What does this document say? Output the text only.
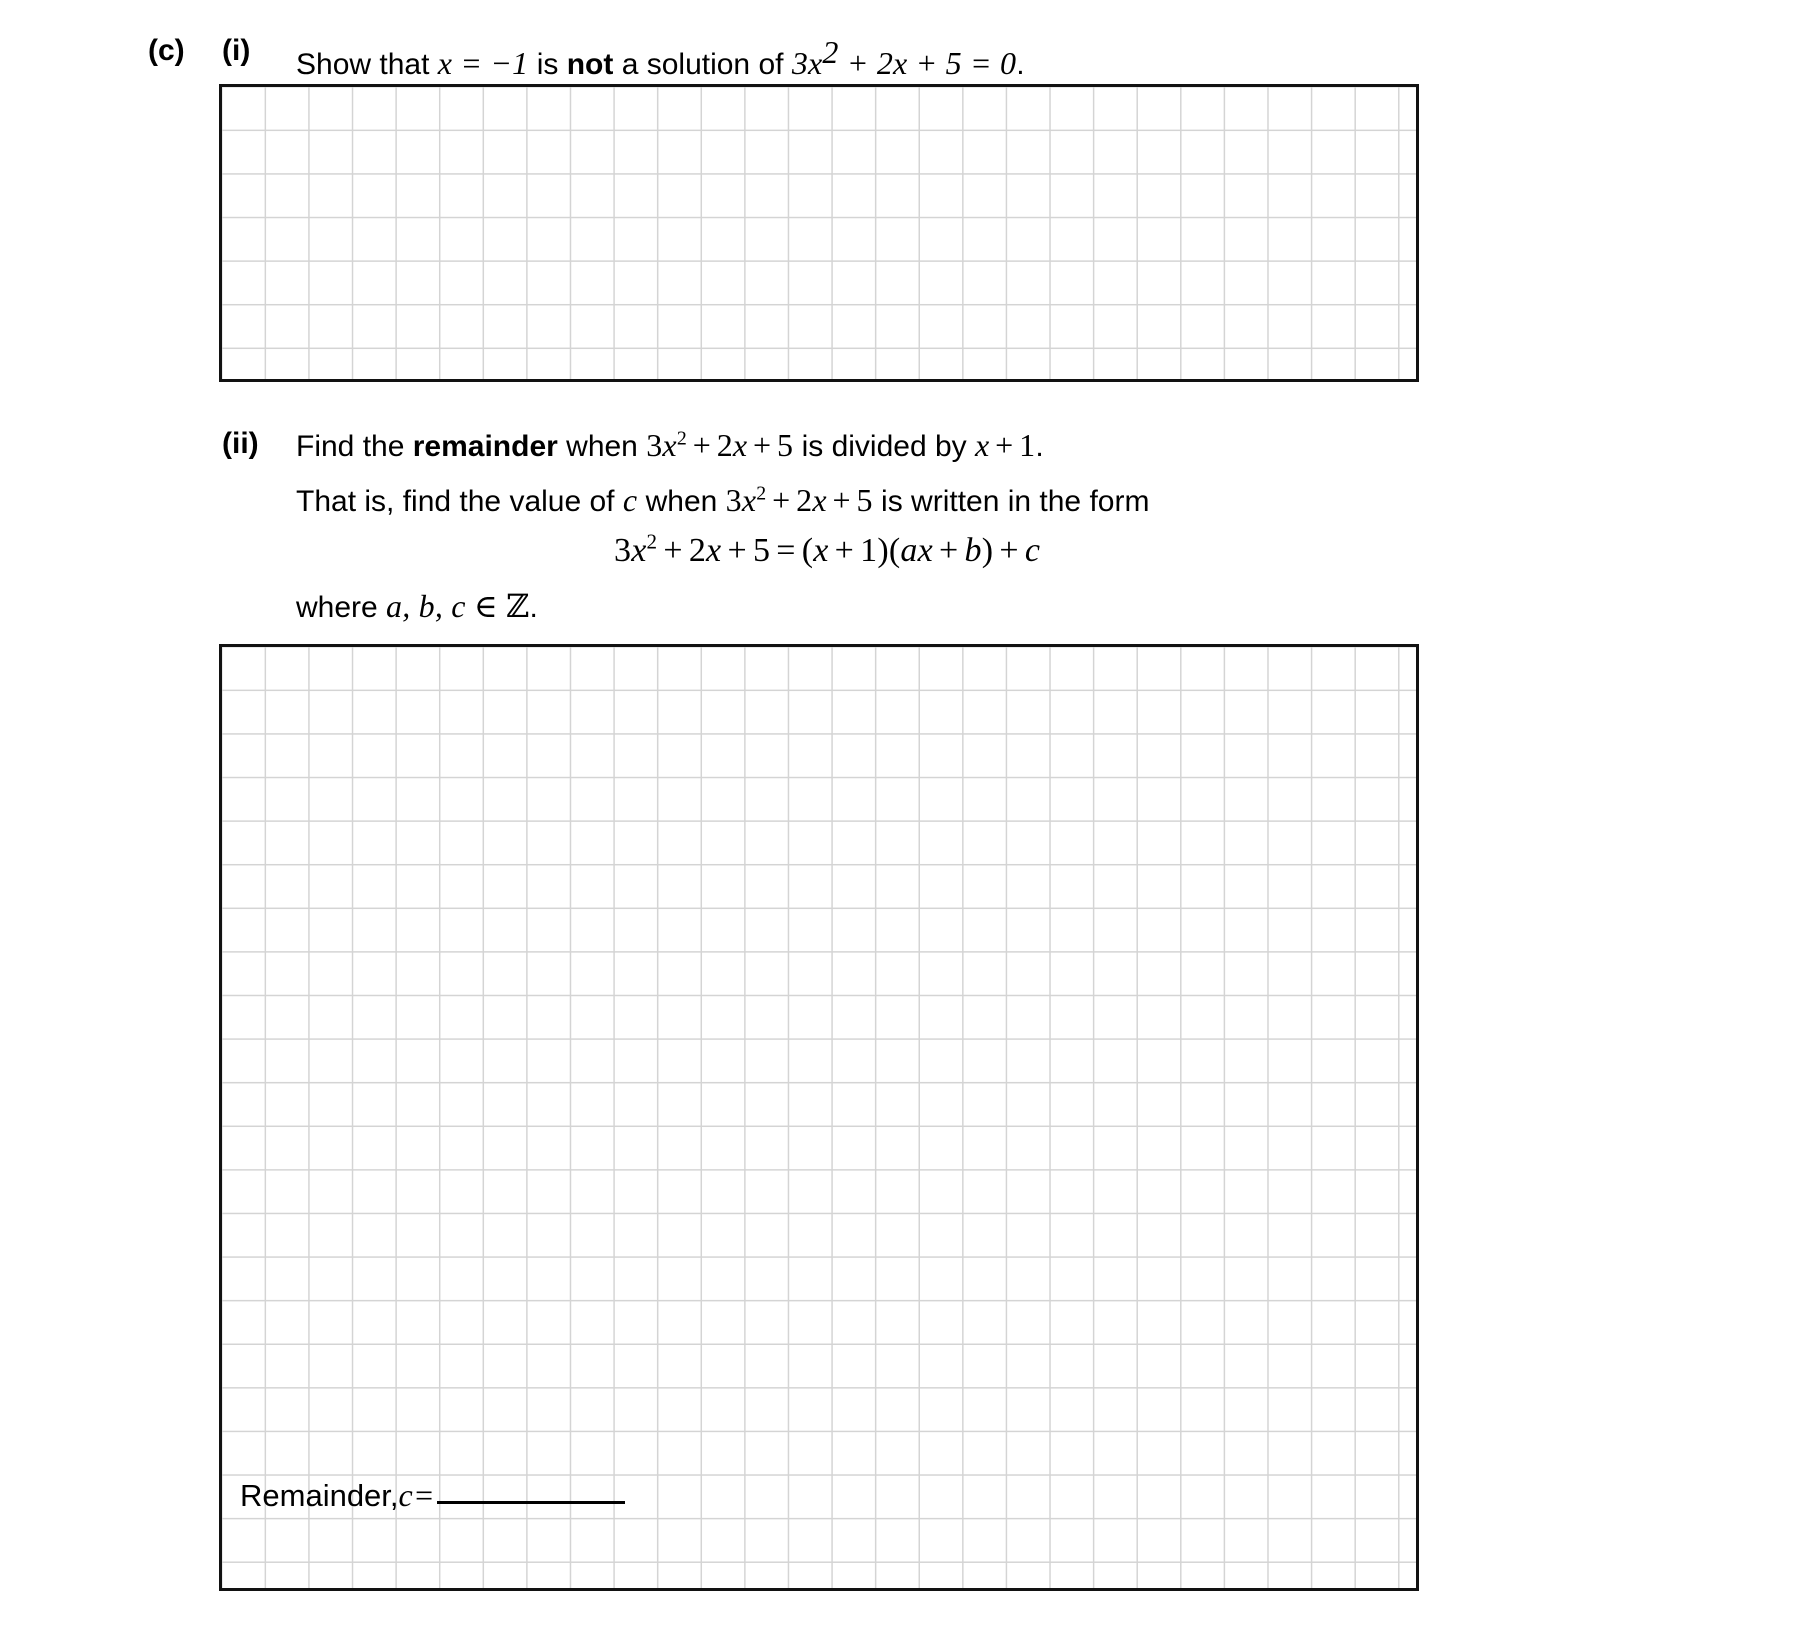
(c) (i) Show that x = −1 is not a solution of $3x^2 + 2x + 5 = 0$.
(ii) Find the remainder when $3x^2 + 2x + 5$ is divided by x + 1.
That is, find the value of c when $3x^2 + 2x + 5$ is written in the form
$3x^2 + 2x + 5 = (x + 1)(ax + b) + c$
where a, b, c ∈ ℤ.
Remainder, c =
